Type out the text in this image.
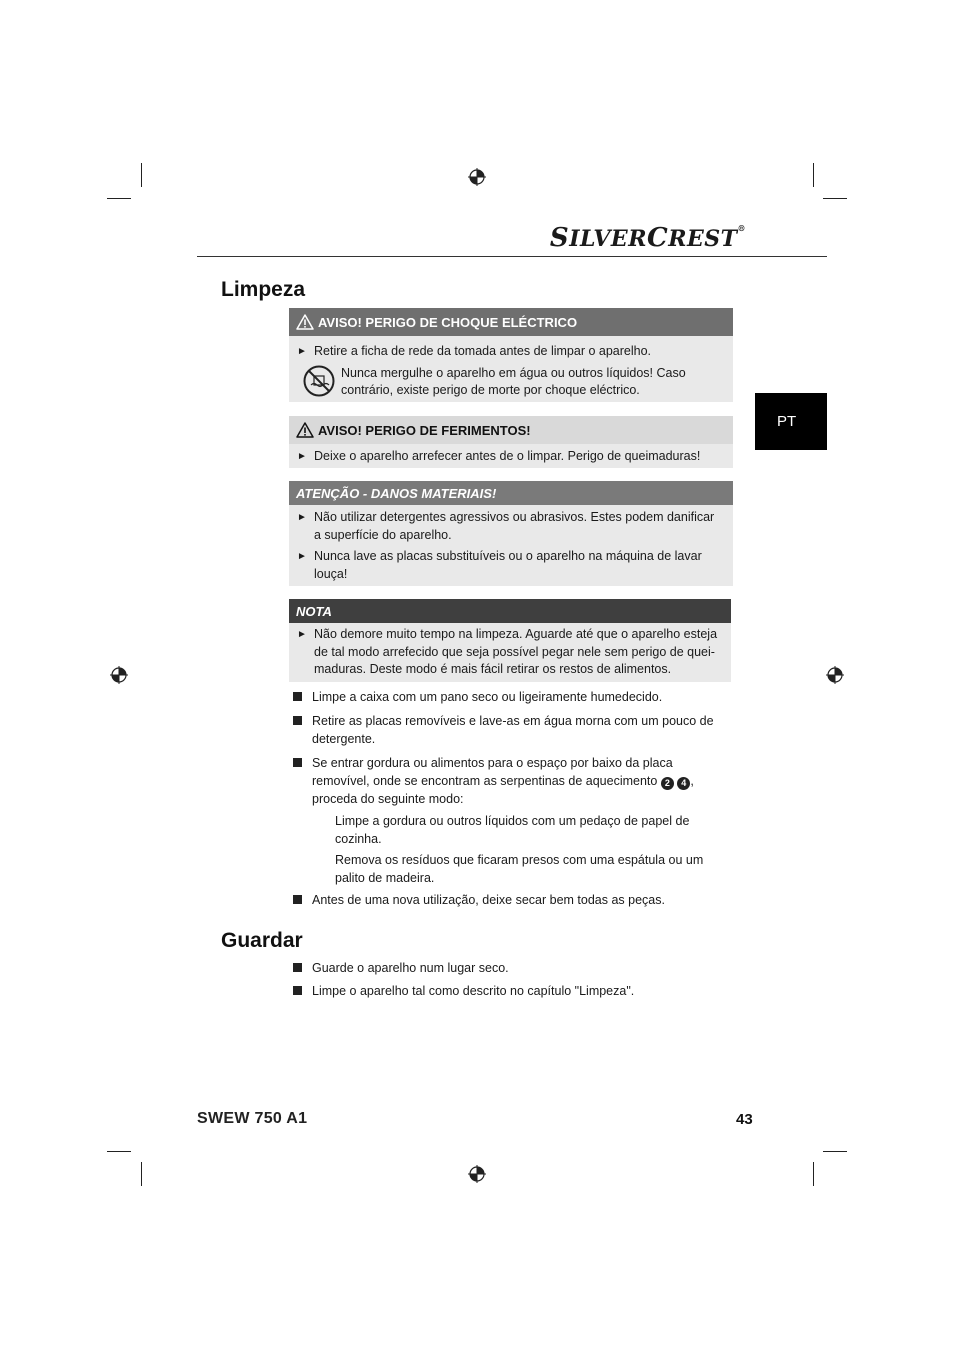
SILVERCREST®
PT
Limpeza
AVISO! PERIGO DE CHOQUE ELÉCTRICO
► Retire a ficha de rede da tomada antes de limpar o aparelho.
Nunca mergulhe o aparelho em água ou outros líquidos! Caso contrário, existe perigo de morte por choque eléctrico.
AVISO! PERIGO DE FERIMENTOS!
► Deixe o aparelho arrefecer antes de o limpar. Perigo de queimaduras!
ATENÇÃO - DANOS MATERIAIS!
► Não utilizar detergentes agressivos ou abrasivos. Estes podem danificar a superfície do aparelho.
► Nunca lave as placas substituíveis ou o aparelho na máquina de lavar louça!
NOTA
► Não demore muito tempo na limpeza. Aguarde até que o aparelho esteja de tal modo arrefecido que seja possível pegar nele sem perigo de quei-maduras. Deste modo é mais fácil retirar os restos de alimentos.
Limpe a caixa com um pano seco ou ligeiramente humedecido.
Retire as placas removíveis e lave-as em água morna com um pouco de detergente.
Se entrar gordura ou alimentos para o espaço por baixo da placa removível, onde se encontram as serpentinas de aquecimento 2 4 , proceda do seguinte modo:
Limpe a gordura ou outros líquidos com um pedaço de papel de cozinha.
Remova os resíduos que ficaram presos com uma espátula ou um palito de madeira.
Antes de uma nova utilização, deixe secar bem todas as peças.
Guardar
Guarde o aparelho num lugar seco.
Limpe o aparelho tal como descrito no capítulo "Limpeza".
SWEW 750 A1	43
